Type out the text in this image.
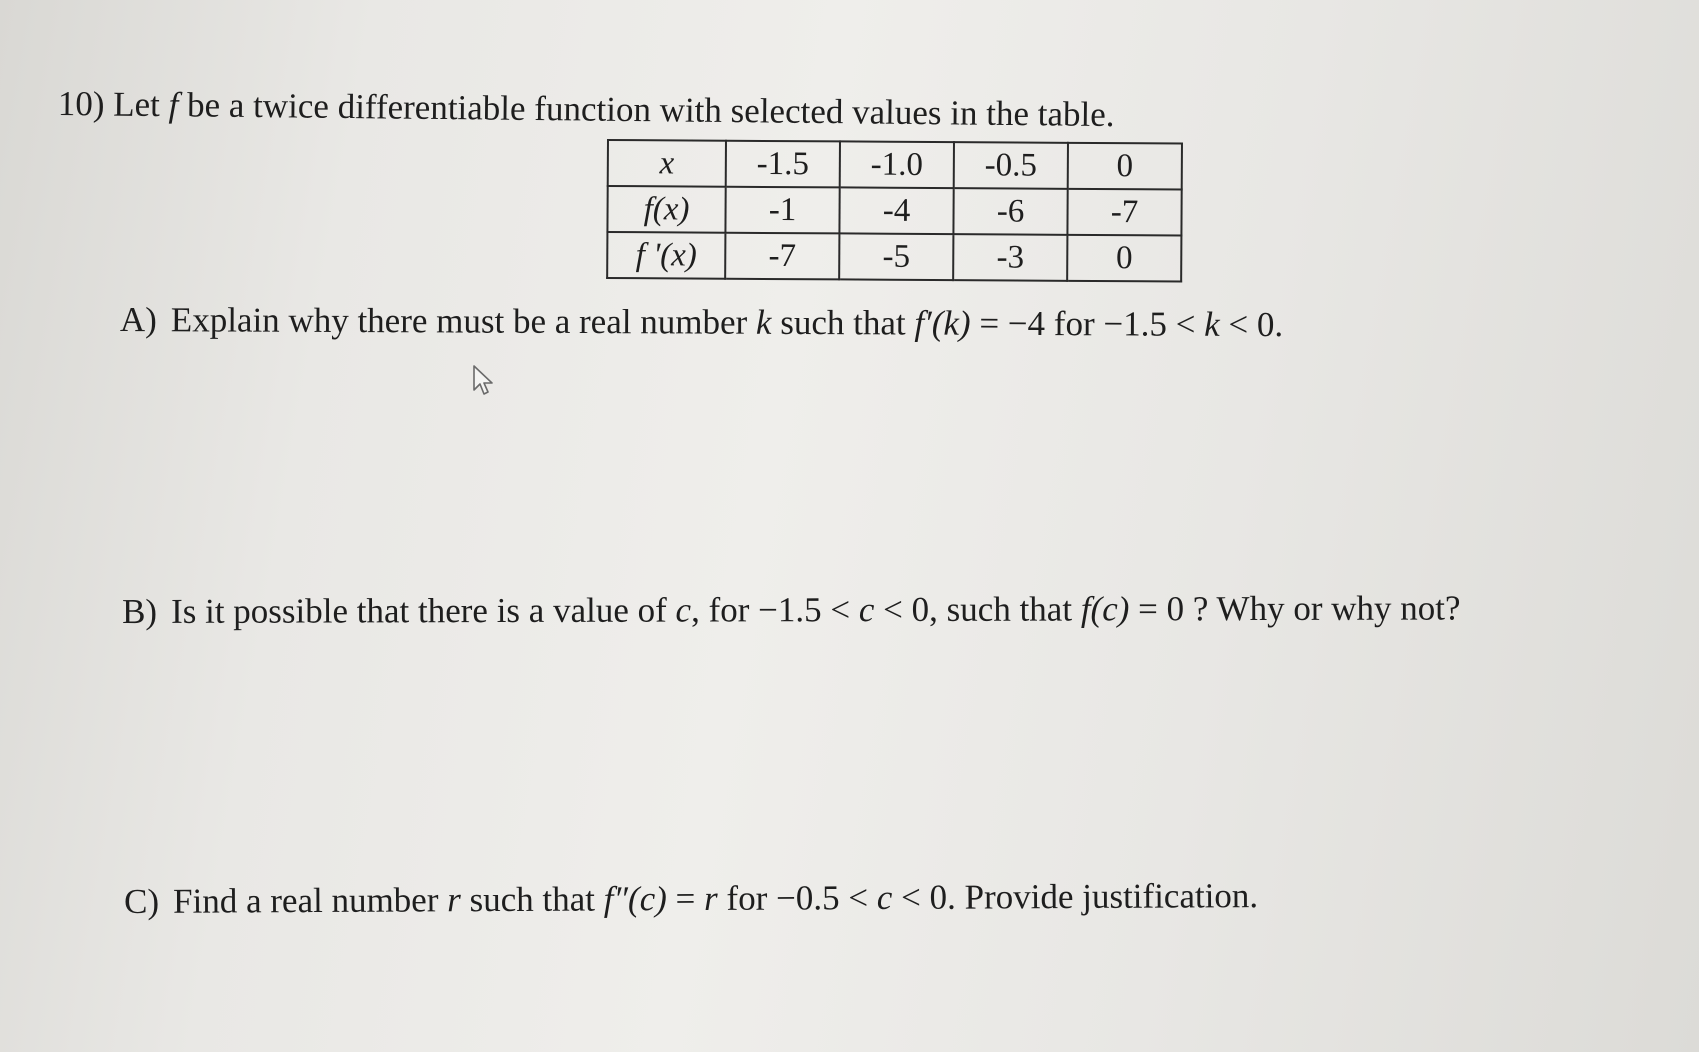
10) Let f be a twice differentiable function with selected values in the table.
x	-1.5	-1.0	-0.5	0
f(x)	-1	-4	-6	-7
f '(x)	-7	-5	-3	0
A) Explain why there must be a real number k such that f′(k) = −4 for −1.5 < k < 0.
B) Is it possible that there is a value of c, for −1.5 < c < 0, such that f(c) = 0 ? Why or why not?
C) Find a real number r such that f″(c) = r for −0.5 < c < 0. Provide justification.
